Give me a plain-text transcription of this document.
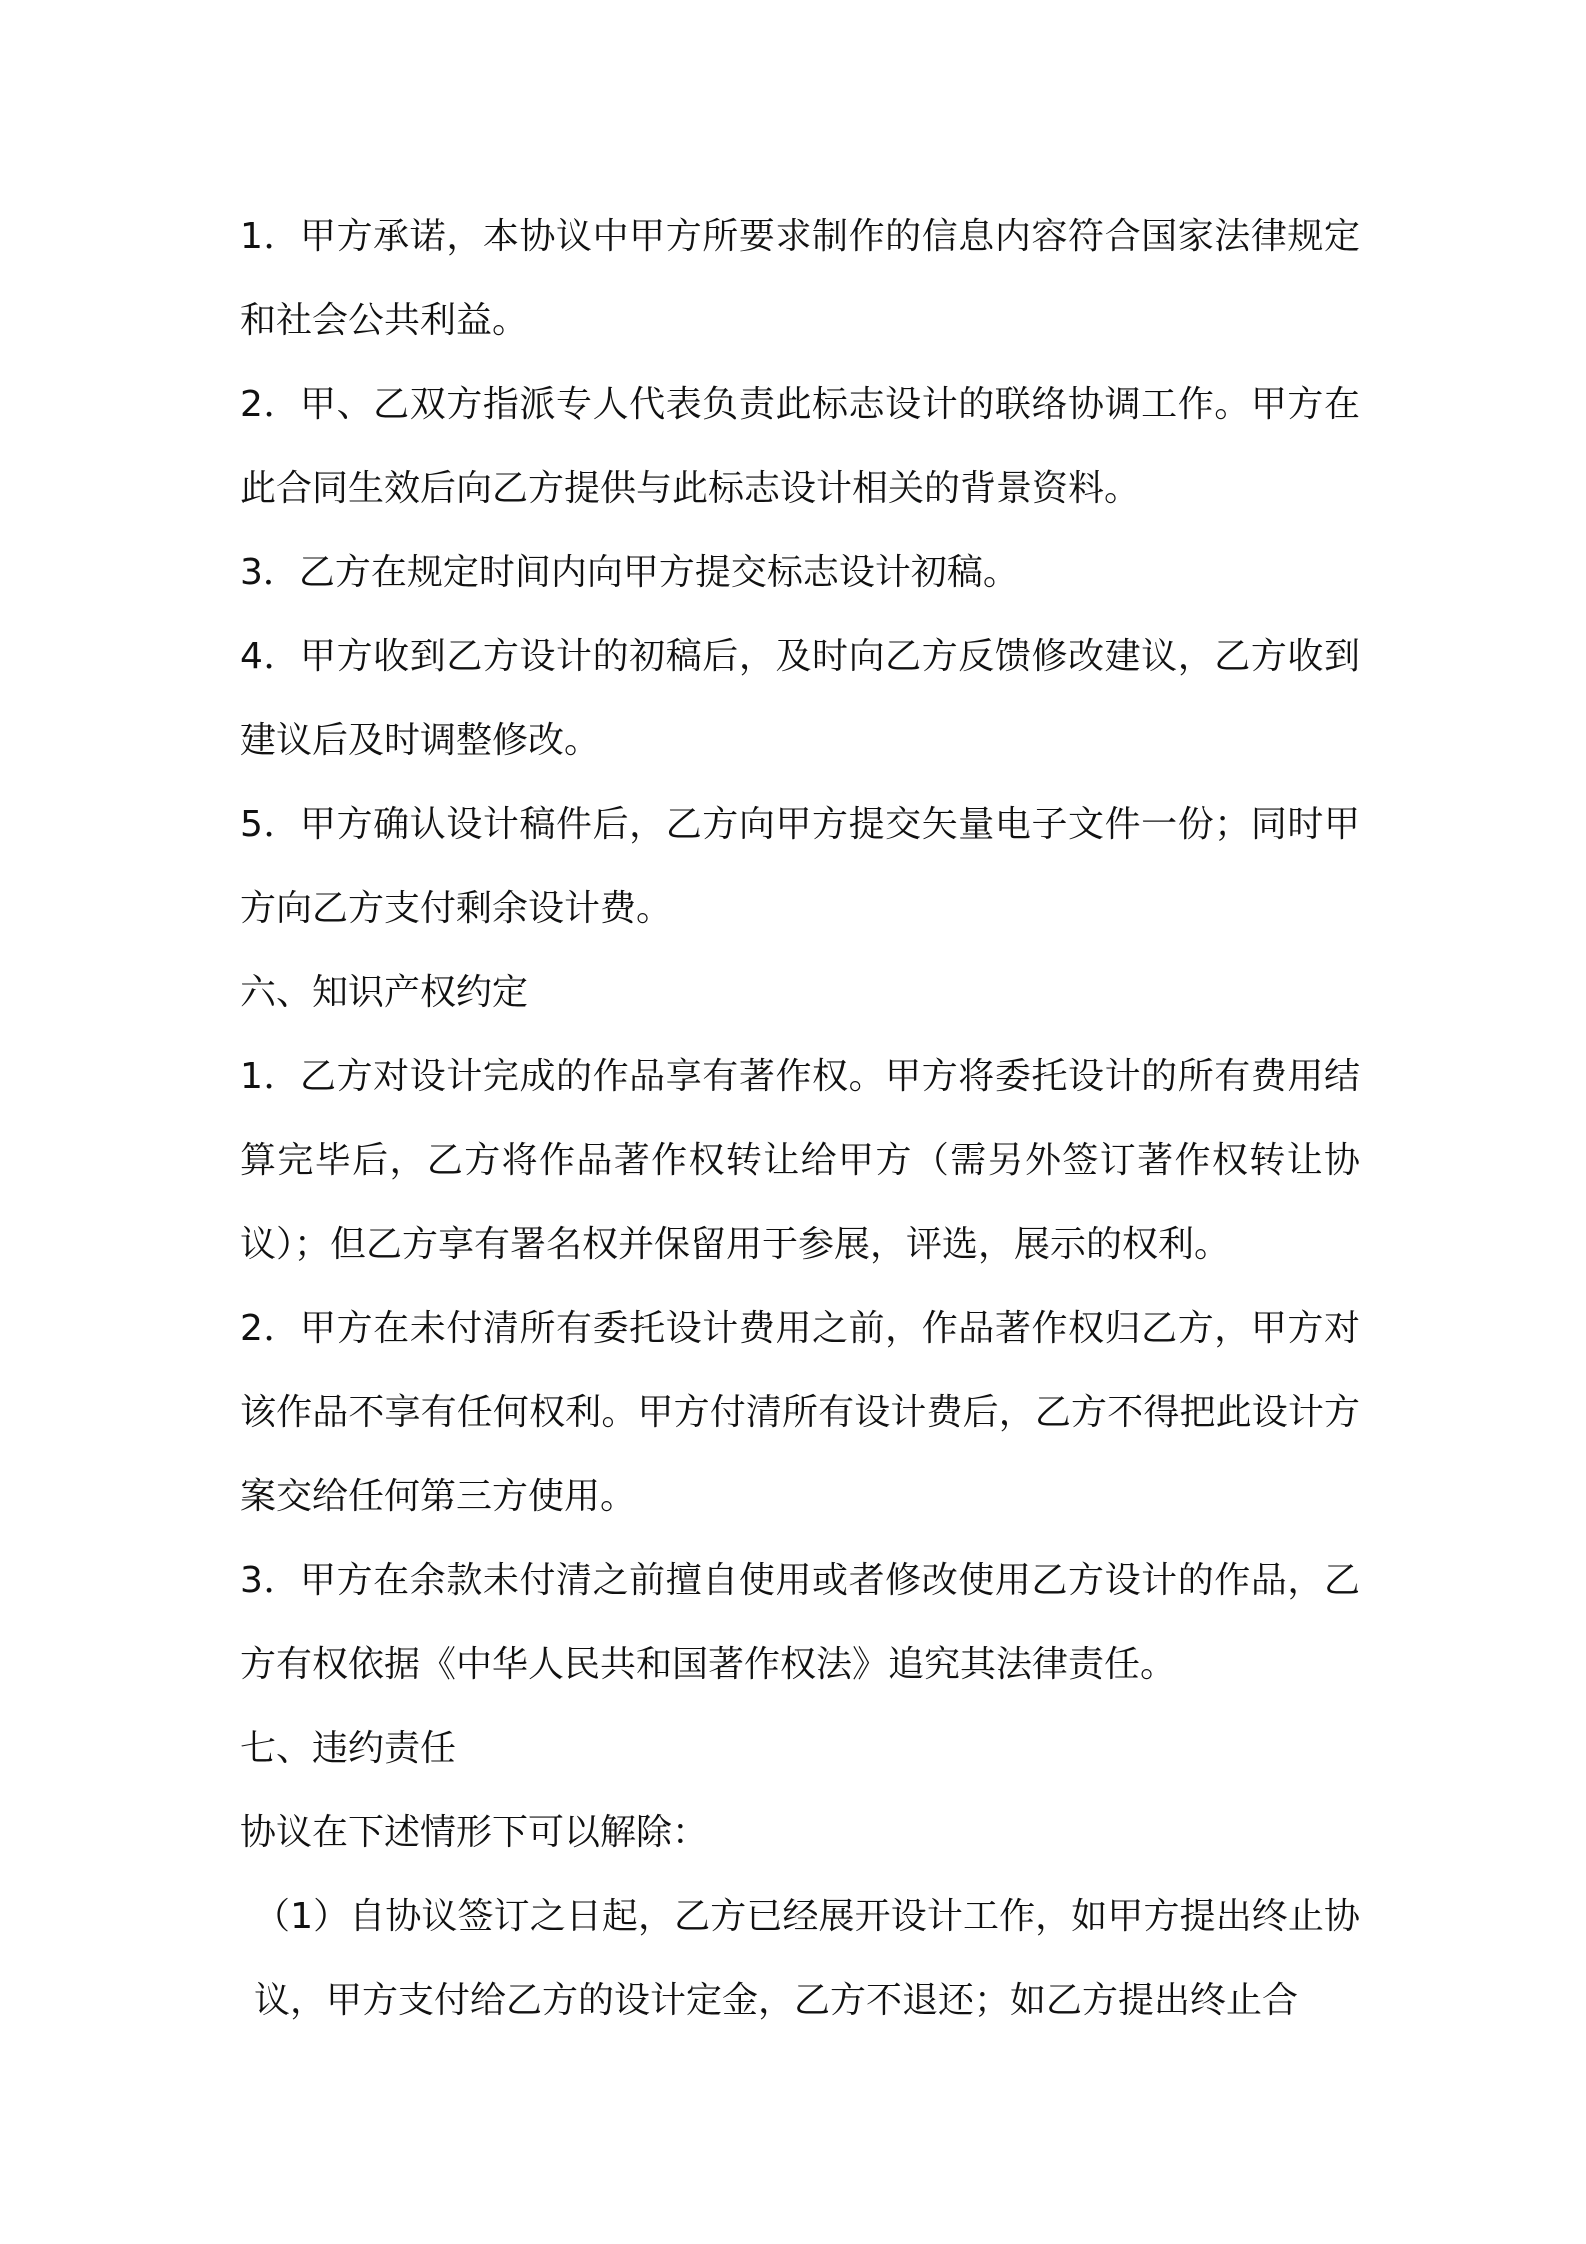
1．甲方承诺，本协议中甲方所要求制作的信息内容符合国家法律规定和社会公共利益。

2．甲、乙双方指派专人代表负责此标志设计的联络协调工作。甲方在此合同生效后向乙方提供与此标志设计相关的背景资料。

3．乙方在规定时间内向甲方提交标志设计初稿。

4．甲方收到乙方设计的初稿后，及时向乙方反馈修改建议，乙方收到建议后及时调整修改。

5．甲方确认设计稿件后，乙方向甲方提交矢量电子文件一份；同时甲方向乙方支付剩余设计费。

六、知识产权约定

1．乙方对设计完成的作品享有著作权。甲方将委托设计的所有费用结算完毕后，乙方将作品著作权转让给甲方（需另外签订著作权转让协议）；但乙方享有署名权并保留用于参展，评选，展示的权利。

2．甲方在未付清所有委托设计费用之前，作品著作权归乙方，甲方对该作品不享有任何权利。甲方付清所有设计费后，乙方不得把此设计方案交给任何第三方使用。

3．甲方在余款未付清之前擅自使用或者修改使用乙方设计的作品，乙方有权依据《中华人民共和国著作权法》追究其法律责任。

七、违约责任

协议在下述情形下可以解除：

（1）自协议签订之日起，乙方已经展开设计工作，如甲方提出终止协议，甲方支付给乙方的设计定金，乙方不退还；如乙方提出终止合
